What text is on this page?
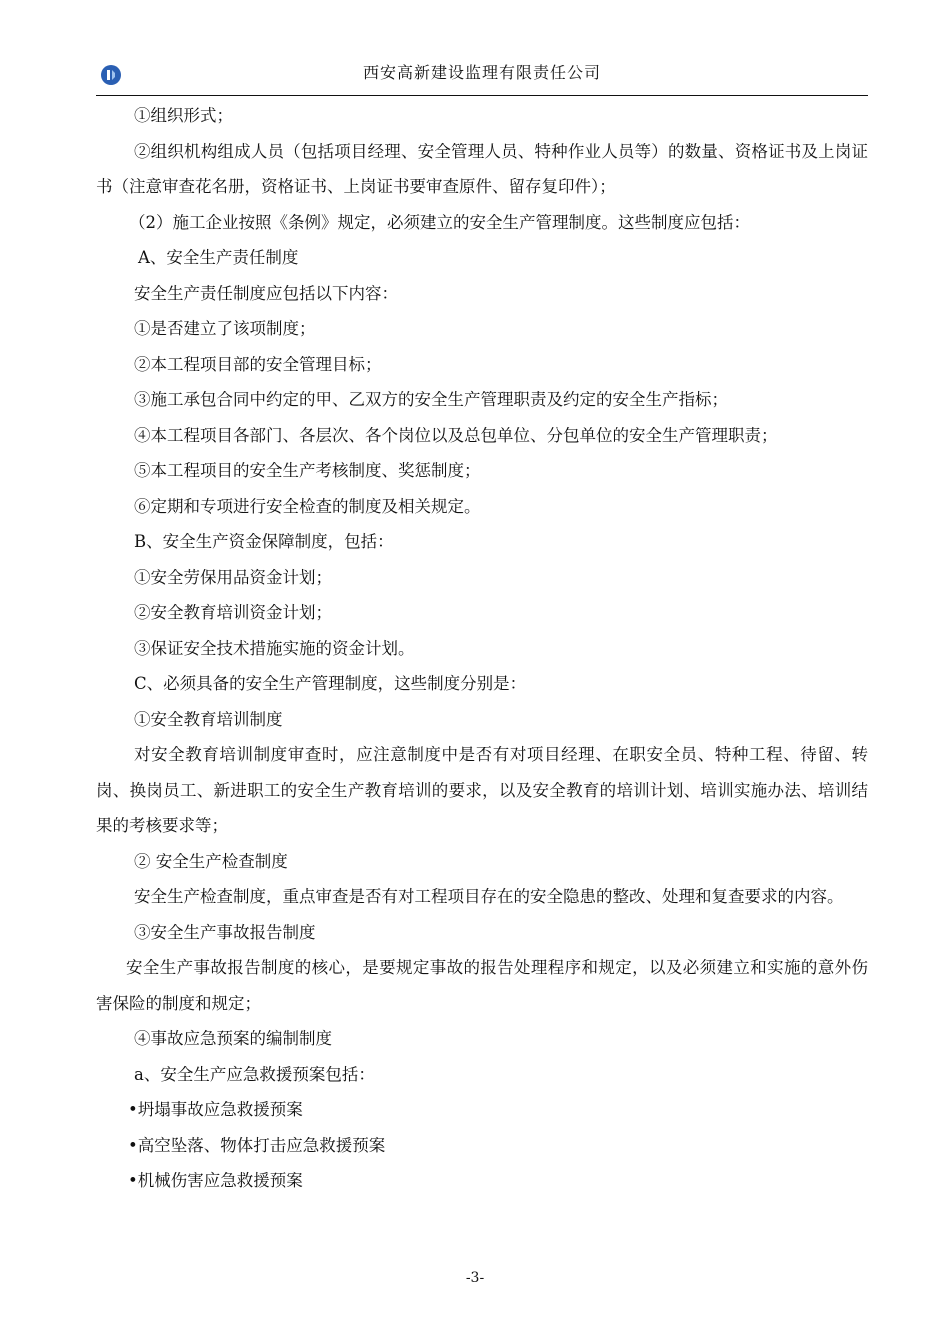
西安高新建设监理有限责任公司

①组织形式；

②组织机构组成人员（包括项目经理、安全管理人员、特种作业人员等）的数量、资格证书及上岗证书（注意审查花名册，资格证书、上岗证书要审查原件、留存复印件）；

（2）施工企业按照《条例》规定，必须建立的安全生产管理制度。这些制度应包括：

A、安全生产责任制度

安全生产责任制度应包括以下内容：

①是否建立了该项制度；

②本工程项目部的安全管理目标；

③施工承包合同中约定的甲、乙双方的安全生产管理职责及约定的安全生产指标；

④本工程项目各部门、各层次、各个岗位以及总包单位、分包单位的安全生产管理职责；

⑤本工程项目的安全生产考核制度、奖惩制度；

⑥定期和专项进行安全检查的制度及相关规定。

B、安全生产资金保障制度，包括：

①安全劳保用品资金计划；

②安全教育培训资金计划；

③保证安全技术措施实施的资金计划。

C、必须具备的安全生产管理制度，这些制度分别是：

①安全教育培训制度

对安全教育培训制度审查时，应注意制度中是否有对项目经理、在职安全员、特种工程、待留、转岗、换岗员工、新进职工的安全生产教育培训的要求，以及安全教育的培训计划、培训实施办法、培训结果的考核要求等；

② 安全生产检查制度

安全生产检查制度，重点审查是否有对工程项目存在的安全隐患的整改、处理和复查要求的内容。

③安全生产事故报告制度

安全生产事故报告制度的核心，是要规定事故的报告处理程序和规定，以及必须建立和实施的意外伤害保险的制度和规定；

④事故应急预案的编制制度

a、安全生产应急救援预案包括：

•坍塌事故应急救援预案

•高空坠落、物体打击应急救援预案

•机械伤害应急救援预案

-3-
